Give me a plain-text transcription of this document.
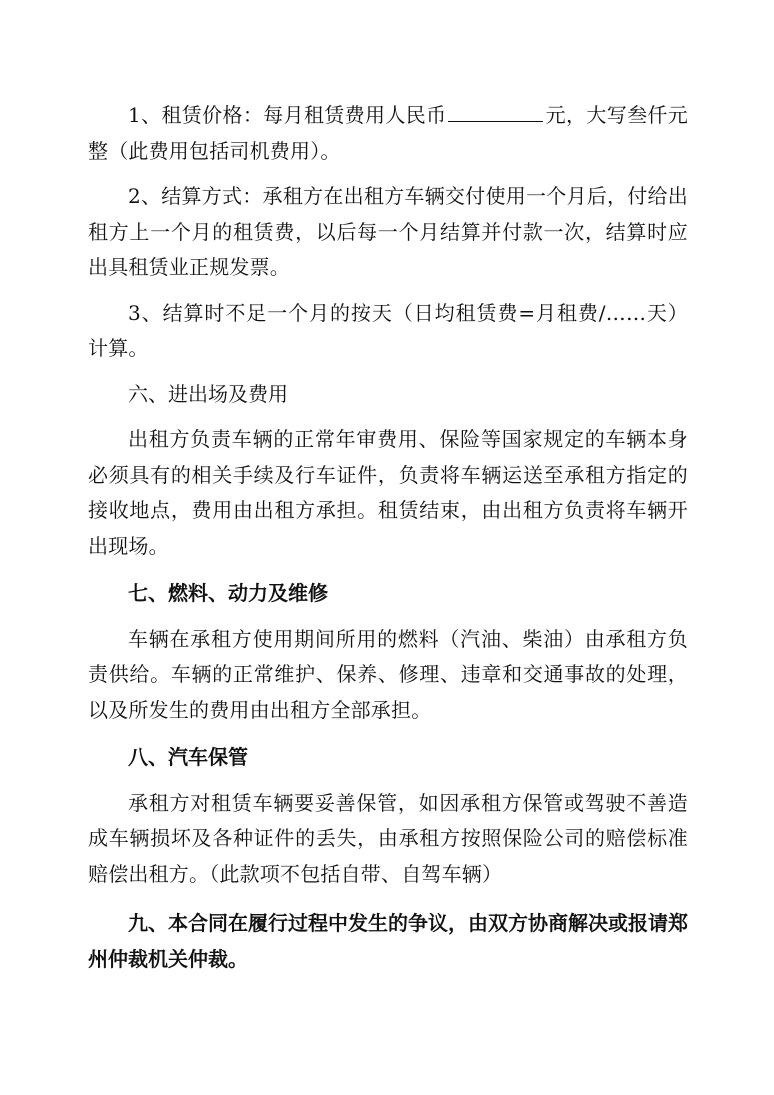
1、租赁价格：每月租赁费用人民币	元，大写叁仟元整（此费用包括司机费用）。

2、结算方式：承租方在出租方车辆交付使用一个月后，付给出租方上一个月的租赁费，以后每一个月结算并付款一次，结算时应出具租赁业正规发票。

3、结算时不足一个月的按天（日均租赁费=月租费/……天）计算。

六、进出场及费用

出租方负责车辆的正常年审费用、保险等国家规定的车辆本身必须具有的相关手续及行车证件，负责将车辆运送至承租方指定的接收地点，费用由出租方承担。租赁结束，由出租方负责将车辆开出现场。

七、燃料、动力及维修

车辆在承租方使用期间所用的燃料（汽油、柴油）由承租方负责供给。车辆的正常维护、保养、修理、违章和交通事故的处理，以及所发生的费用由出租方全部承担。

八、汽车保管

承租方对租赁车辆要妥善保管，如因承租方保管或驾驶不善造成车辆损坏及各种证件的丢失，由承租方按照保险公司的赔偿标准赔偿出租方。（此款项不包括自带、自驾车辆）

九、本合同在履行过程中发生的争议，由双方协商解决或报请郑州仲裁机关仲裁。
